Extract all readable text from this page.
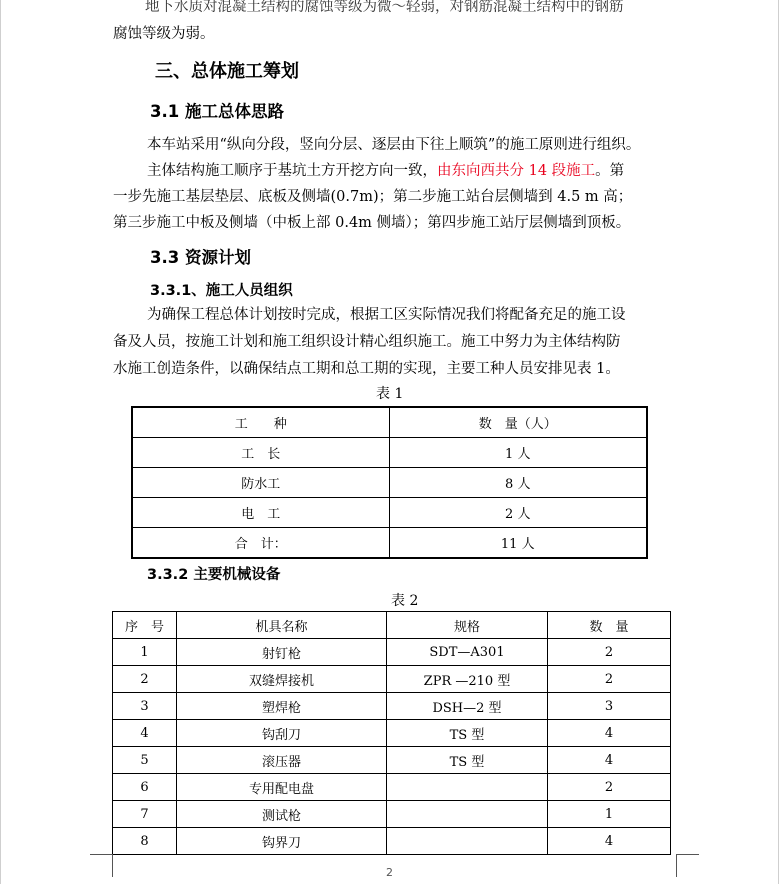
地下水质对混凝土结构的腐蚀等级为微～轻弱，对钢筋混凝土结构中的钢筋
腐蚀等级为弱。
三、总体施工筹划
3.1 施工总体思路
本车站采用“纵向分段，竖向分层、逐层由下往上顺筑”的施工原则进行组织。
主体结构施工顺序于基坑土方开挖方向一致，由东向西共分 14 段施工。第
一步先施工基层垫层、底板及侧墙(0.7m)；第二步施工站台层侧墙到 4.5 m 高；
第三步施工中板及侧墙（中板上部 0.4m 侧墙）；第四步施工站厅层侧墙到顶板。
3.3 资源计划
3.3.1、施工人员组织
为确保工程总体计划按时完成，根据工区实际情况我们将配备充足的施工设
备及人员，按施工计划和施工组织设计精心组织施工。施工中努力为主体结构防
水施工创造条件，以确保结点工期和总工期的实现，主要工种人员安排见表 1。
表 1
工　　种	数　量（人）
工　长	1 人
防水工	8 人
电　工	2 人
合　计：	11 人
3.3.2 主要机械设备
表 2
序　号	机具名称	规格	数　量
1	射钉枪	SDT—A301	2
2	双缝焊接机	ZPR —210 型	2
3	塑焊枪	DSH—2 型	3
4	钩刮刀	TS 型	4
5	滚压器	TS 型	4
6	专用配电盘		2
7	测试枪		1
8	钩界刀		4
2
